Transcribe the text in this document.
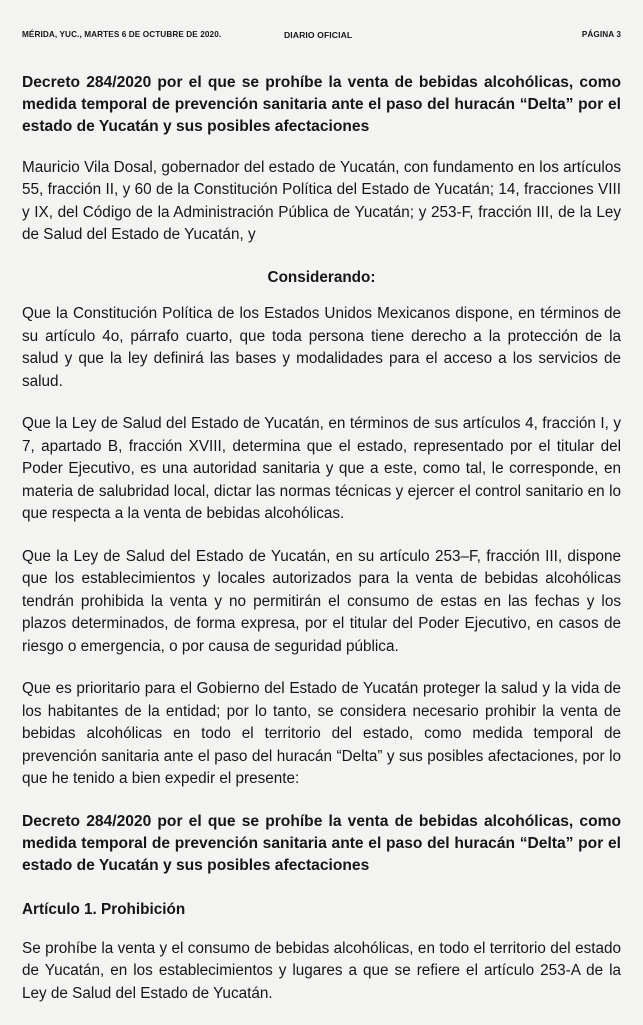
MÉRIDA, YUC., MARTES 6 DE OCTUBRE DE 2020.	DIARIO OFICIAL	PÁGINA 3

Decreto 284/2020 por el que se prohíbe la venta de bebidas alcohólicas, como medida temporal de prevención sanitaria ante el paso del huracán “Delta” por el estado de Yucatán y sus posibles afectaciones

Mauricio Vila Dosal, gobernador del estado de Yucatán, con fundamento en los artículos 55, fracción II, y 60 de la Constitución Política del Estado de Yucatán; 14, fracciones VIII y IX, del Código de la Administración Pública de Yucatán; y 253-F, fracción III, de la Ley de Salud del Estado de Yucatán, y

Considerando:

Que la Constitución Política de los Estados Unidos Mexicanos dispone, en términos de su artículo 4o, párrafo cuarto, que toda persona tiene derecho a la protección de la salud y que la ley definirá las bases y modalidades para el acceso a los servicios de salud.

Que la Ley de Salud del Estado de Yucatán, en términos de sus artículos 4, fracción I, y 7, apartado B, fracción XVIII, determina que el estado, representado por el titular del Poder Ejecutivo, es una autoridad sanitaria y que a este, como tal, le corresponde, en materia de salubridad local, dictar las normas técnicas y ejercer el control sanitario en lo que respecta a la venta de bebidas alcohólicas.

Que la Ley de Salud del Estado de Yucatán, en su artículo 253–F, fracción III, dispone que los establecimientos y locales autorizados para la venta de bebidas alcohólicas tendrán prohibida la venta y no permitirán el consumo de estas en las fechas y los plazos determinados, de forma expresa, por el titular del Poder Ejecutivo, en casos de riesgo o emergencia, o por causa de seguridad pública.

Que es prioritario para el Gobierno del Estado de Yucatán proteger la salud y la vida de los habitantes de la entidad; por lo tanto, se considera necesario prohibir la venta de bebidas alcohólicas en todo el territorio del estado, como medida temporal de prevención sanitaria ante el paso del huracán “Delta” y sus posibles afectaciones, por lo que he tenido a bien expedir el presente:

Decreto 284/2020 por el que se prohíbe la venta de bebidas alcohólicas, como medida temporal de prevención sanitaria ante el paso del huracán “Delta” por el estado de Yucatán y sus posibles afectaciones

Artículo 1. Prohibición

Se prohíbe la venta y el consumo de bebidas alcohólicas, en todo el territorio del estado de Yucatán, en los establecimientos y lugares a que se refiere el artículo 253-A de la Ley de Salud del Estado de Yucatán.
